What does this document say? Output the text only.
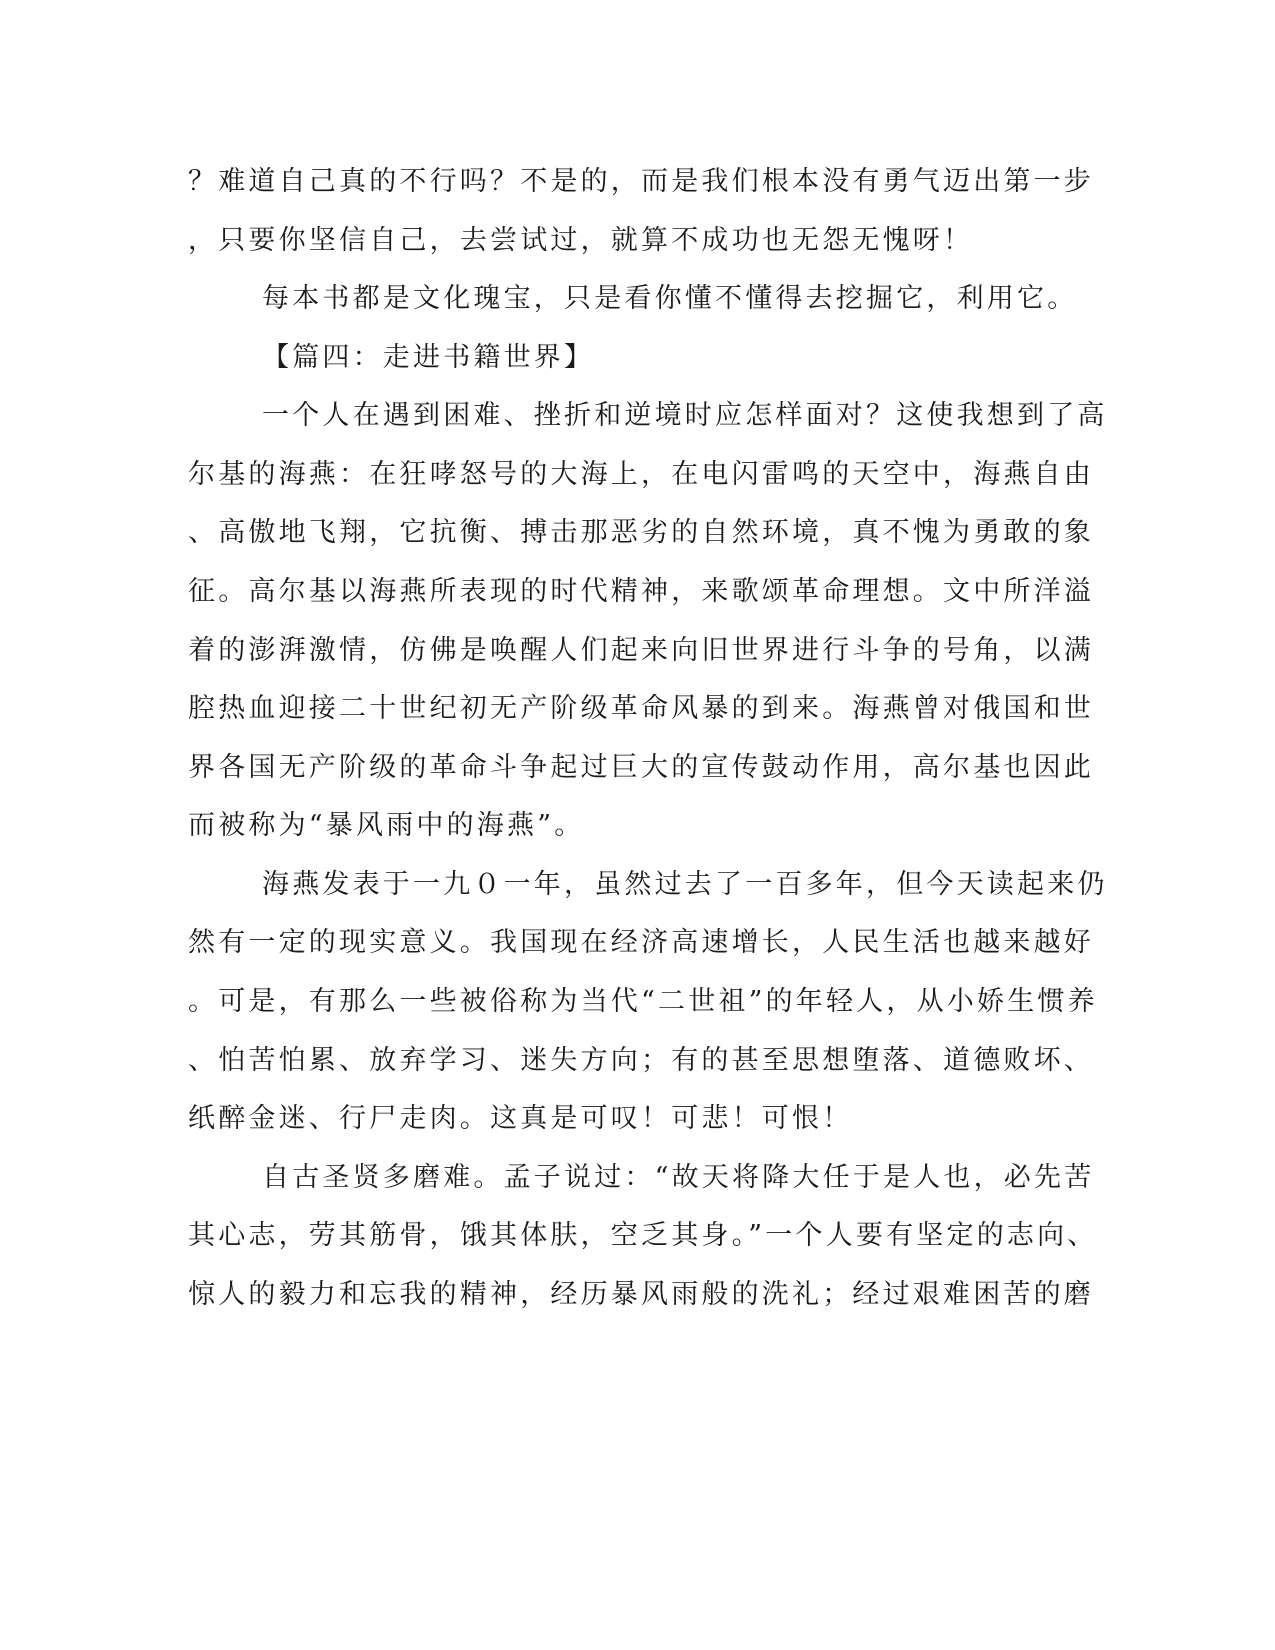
？难道自己真的不行吗？不是的，而是我们根本没有勇气迈出第一步
，只要你坚信自己，去尝试过，就算不成功也无怨无愧呀！
每本书都是文化瑰宝，只是看你懂不懂得去挖掘它，利用它。
【篇四：走进书籍世界】
一个人在遇到困难、挫折和逆境时应怎样面对？这使我想到了高
尔基的海燕：在狂哮怒号的大海上，在电闪雷鸣的天空中，海燕自由
、高傲地飞翔，它抗衡、搏击那恶劣的自然环境，真不愧为勇敢的象
征。高尔基以海燕所表现的时代精神，来歌颂革命理想。文中所洋溢
着的澎湃激情，仿佛是唤醒人们起来向旧世界进行斗争的号角，以满
腔热血迎接二十世纪初无产阶级革命风暴的到来。海燕曾对俄国和世
界各国无产阶级的革命斗争起过巨大的宣传鼓动作用，高尔基也因此
而被称为“暴风雨中的海燕”。
海燕发表于一九０一年，虽然过去了一百多年，但今天读起来仍
然有一定的现实意义。我国现在经济高速增长，人民生活也越来越好
。可是，有那么一些被俗称为当代“二世祖”的年轻人，从小娇生惯养
、怕苦怕累、放弃学习、迷失方向；有的甚至思想堕落、道德败坏、
纸醉金迷、行尸走肉。这真是可叹！可悲！可恨！
自古圣贤多磨难。孟子说过：“故天将降大任于是人也，必先苦
其心志，劳其筋骨，饿其体肤，空乏其身。”一个人要有坚定的志向、
惊人的毅力和忘我的精神，经历暴风雨般的洗礼；经过艰难困苦的磨
